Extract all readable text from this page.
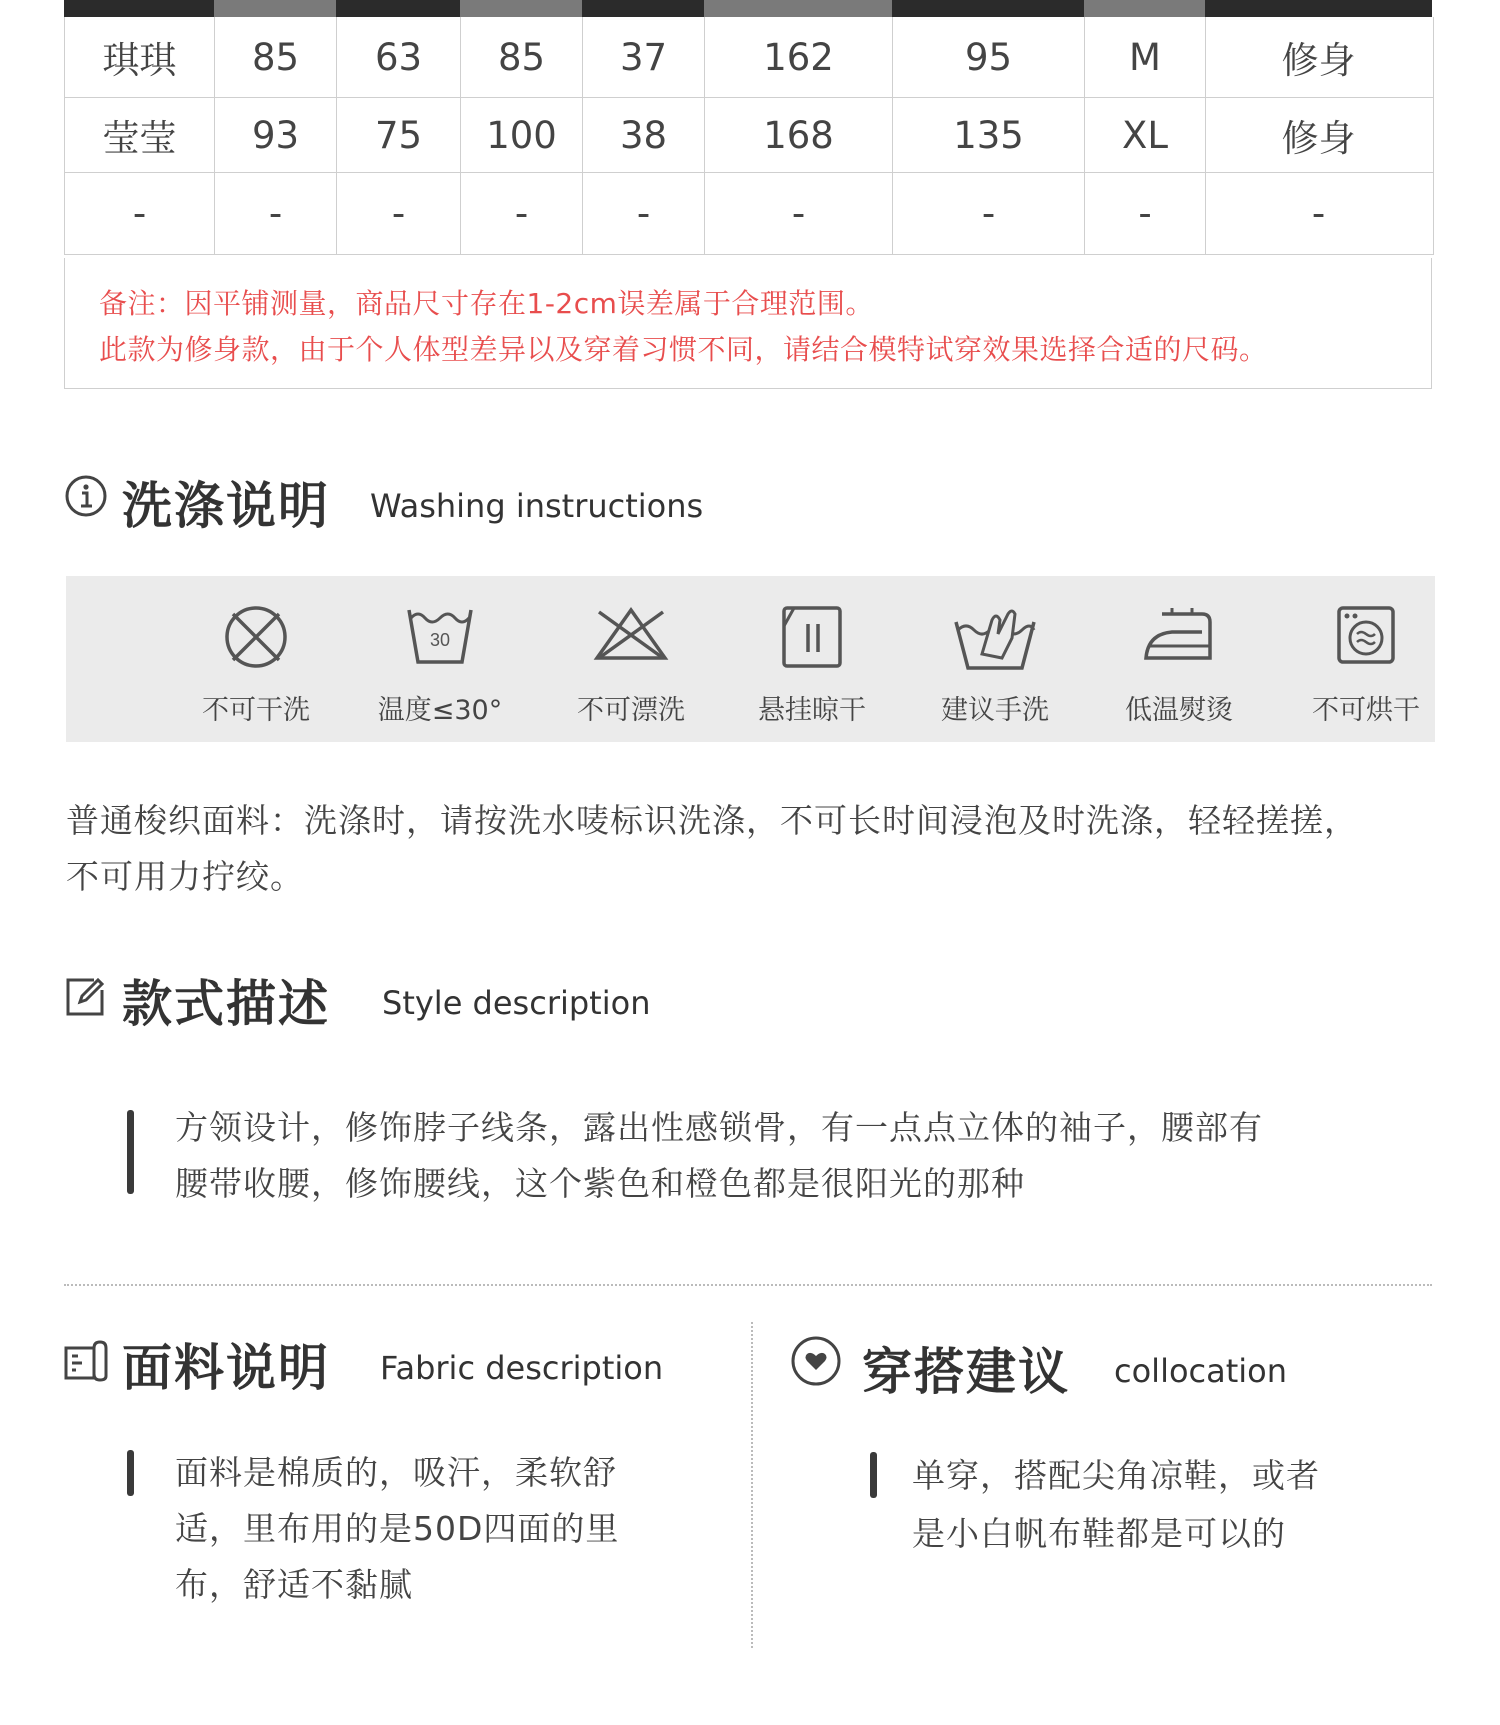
琪琪	85	63	85	37	162	95	M	修身
莹莹	93	75	100	38	168	135	XL	修身
-	-	-	-	-	-	-	-	-
备注：因平铺测量，商品尺寸存在1-2cm误差属于合理范围。
此款为修身款，由于个人体型差异以及穿着习惯不同，请结合模特试穿效果选择合适的尺码。
洗涤说明 Washing instructions
不可干洗
30
温度≤30°	不可漂洗	悬挂晾干	建议手洗	低温熨烫	不可烘干
普通梭织面料：洗涤时，请按洗水唛标识洗涤，不可长时间浸泡及时洗涤，轻轻搓搓，
不可用力拧绞。
款式描述 Style description
方领设计，修饰脖子线条，露出性感锁骨，有一点点立体的袖子，腰部有
腰带收腰，修饰腰线，这个紫色和橙色都是很阳光的那种
面料说明 Fabric description
面料是棉质的，吸汗，柔软舒
适，里布用的是50D四面的里
布，舒适不黏腻
穿搭建议 collocation
单穿，搭配尖角凉鞋，或者
是小白帆布鞋都是可以的
